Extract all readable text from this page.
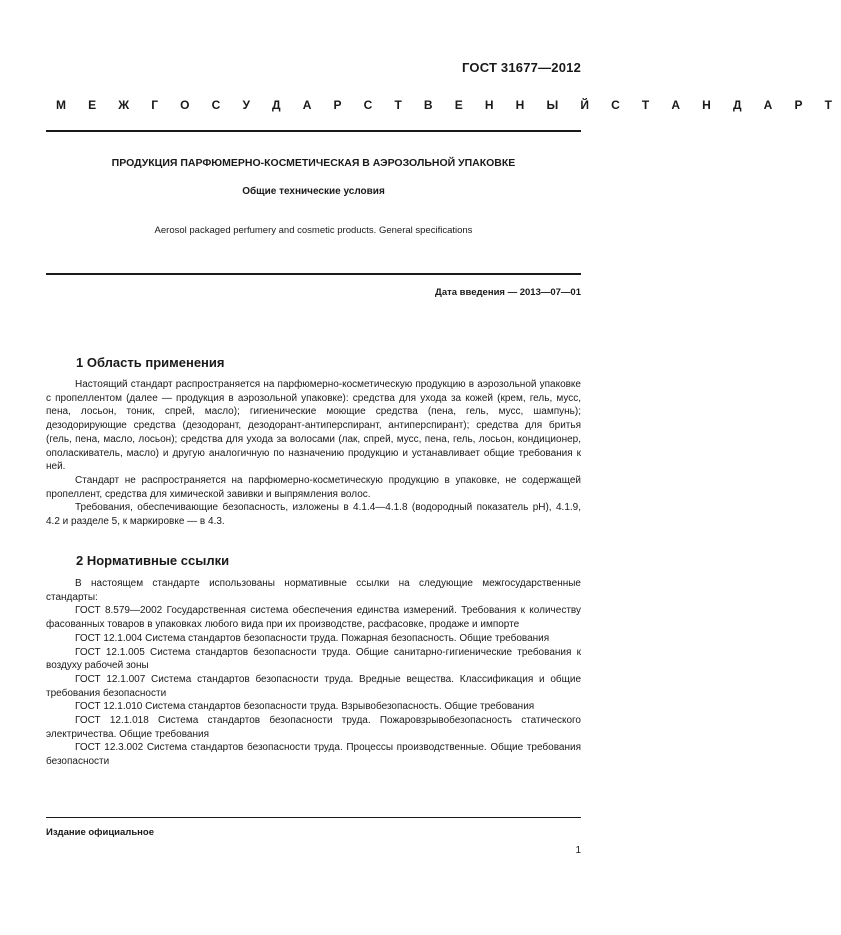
ГОСТ 31677—2012
М Е Ж Г О С У Д А Р С Т В Е Н Н Ы Й С Т А Н Д А Р Т
ПРОДУКЦИЯ ПАРФЮМЕРНО-КОСМЕТИЧЕСКАЯ В АЭРОЗОЛЬНОЙ УПАКОВКЕ
Общие технические условия
Aerosol packaged perfumery and cosmetic products. General specifications
Дата введения — 2013—07—01
1 Область применения

Настоящий стандарт распространяется на парфюмерно-косметическую продукцию в аэрозольной упаковке с пропеллентом (далее — продукция в аэрозольной упаковке): средства для ухода за кожей (крем, гель, мусс, пена, лосьон, тоник, спрей, масло); гигиенические моющие средства (пена, гель, мусс, шампунь); дезодорирующие средства (дезодорант, дезодорант-антиперспирант, антиперспирант); средства для бритья (гель, пена, масло, лосьон); средства для ухода за волосами (лак, спрей, мусс, пена, гель, лосьон, кондиционер, ополаскиватель, масло) и другую аналогичную по назначению продукцию и устанавливает общие требования к ней.

Стандарт не распространяется на парфюмерно-косметическую продукцию в упаковке, не содержащей пропеллент, средства для химической завивки и выпрямления волос.

Требования, обеспечивающие безопасность, изложены в 4.1.4—4.1.8 (водородный показатель pH), 4.1.9, 4.2 и разделе 5, к маркировке — в 4.3.

2 Нормативные ссылки

В настоящем стандарте использованы нормативные ссылки на следующие межгосударственные стандарты:

ГОСТ 8.579—2002 Государственная система обеспечения единства измерений. Требования к количеству фасованных товаров в упаковках любого вида при их производстве, расфасовке, продаже и импорте

ГОСТ 12.1.004 Система стандартов безопасности труда. Пожарная безопасность. Общие требования

ГОСТ 12.1.005 Система стандартов безопасности труда. Общие санитарно-гигиенические требования к воздуху рабочей зоны

ГОСТ 12.1.007 Система стандартов безопасности труда. Вредные вещества. Классификация и общие требования безопасности

ГОСТ 12.1.010 Система стандартов безопасности труда. Взрывобезопасность. Общие требования

ГОСТ 12.1.018 Система стандартов безопасности труда. Пожаровзрывобезопасность статического электричества. Общие требования

ГОСТ 12.3.002 Система стандартов безопасности труда. Процессы производственные. Общие требования безопасности

Издание официальное
1
